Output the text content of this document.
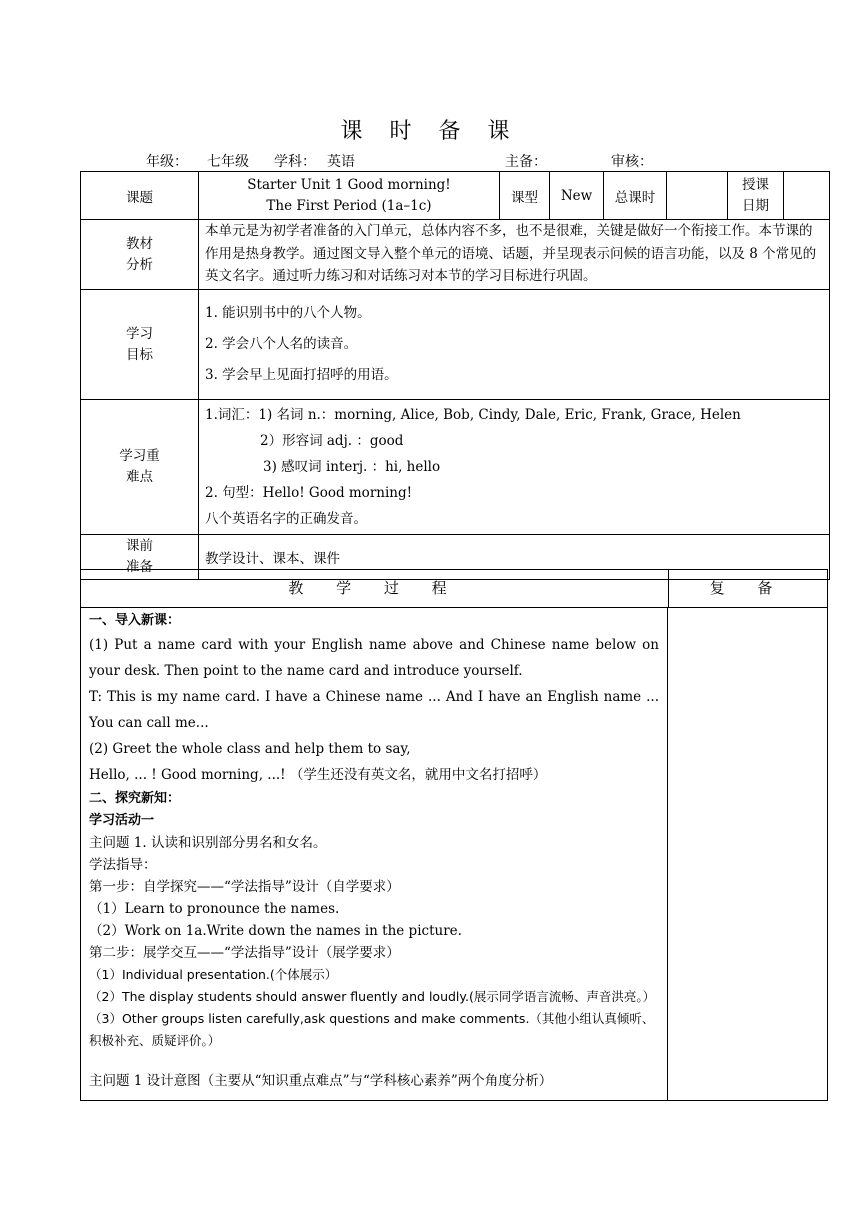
课 时 备 课
年级： 七年级 学科： 英语	主备：	审核：
课题	Starter Unit 1 Good morning!
The First Period (1a–1c)	课型	New	总课时		授课
日期	

教材
分析	本单元是为初学者准备的入门单元，总体内容不多，也不是很难，关键是做好一个衔接工作。本节课的作用是热身教学。通过图文导入整个单元的语境、话题，并呈现表示问候的语言功能，以及 8 个常见的英文名字。通过听力练习和对话练习对本节的学习目标进行巩固。						

学习
目标	1. 能识别书中的八个人物。
2. 学会八个人名的读音。
3. 学会早上见面打招呼的用语。						

学习重
难点	1.词汇：1) 名词 n.：morning, Alice, Bob, Cindy, Dale, Eric, Frank, Grace, Helen
2）形容词 adj. ：good
3) 感叹词 interj. ：hi, hello
2. 句型：Hello! Good morning!
八个英语名字的正确发音。						

课前
准备	教学设计、课本、课件						
教 学 过 程	复 备

一、导入新课：

(1) Put a name card with your English name above and Chinese name below on your desk. Then point to the name card and introduce yourself.

T: This is my name card. I have a Chinese name ... And I have an English name ... You can call me...

(2) Greet the whole class and help them to say,

Hello, ... ! Good morning, ...! （学生还没有英文名，就用中文名打招呼）

二、探究新知：

学习活动一

主问题 1. 认读和识别部分男名和女名。

学法指导：

第一步：自学探究——“学法指导”设计（自学要求）

（1）Learn to pronounce the names.

（2）Work on 1a.Write down the names in the picture.

第二步：展学交互——“学法指导”设计（展学要求）

（1）Individual presentation.(个体展示）

（2）The display students should answer fluently and loudly.(展示同学语言流畅、声音洪亮。）

（3）Other groups listen carefully,ask questions and make comments.（其他小组认真倾听、积极补充、质疑评价。）

主问题 1 设计意图（主要从“知识重点难点”与“学科核心素养”两个角度分析）
